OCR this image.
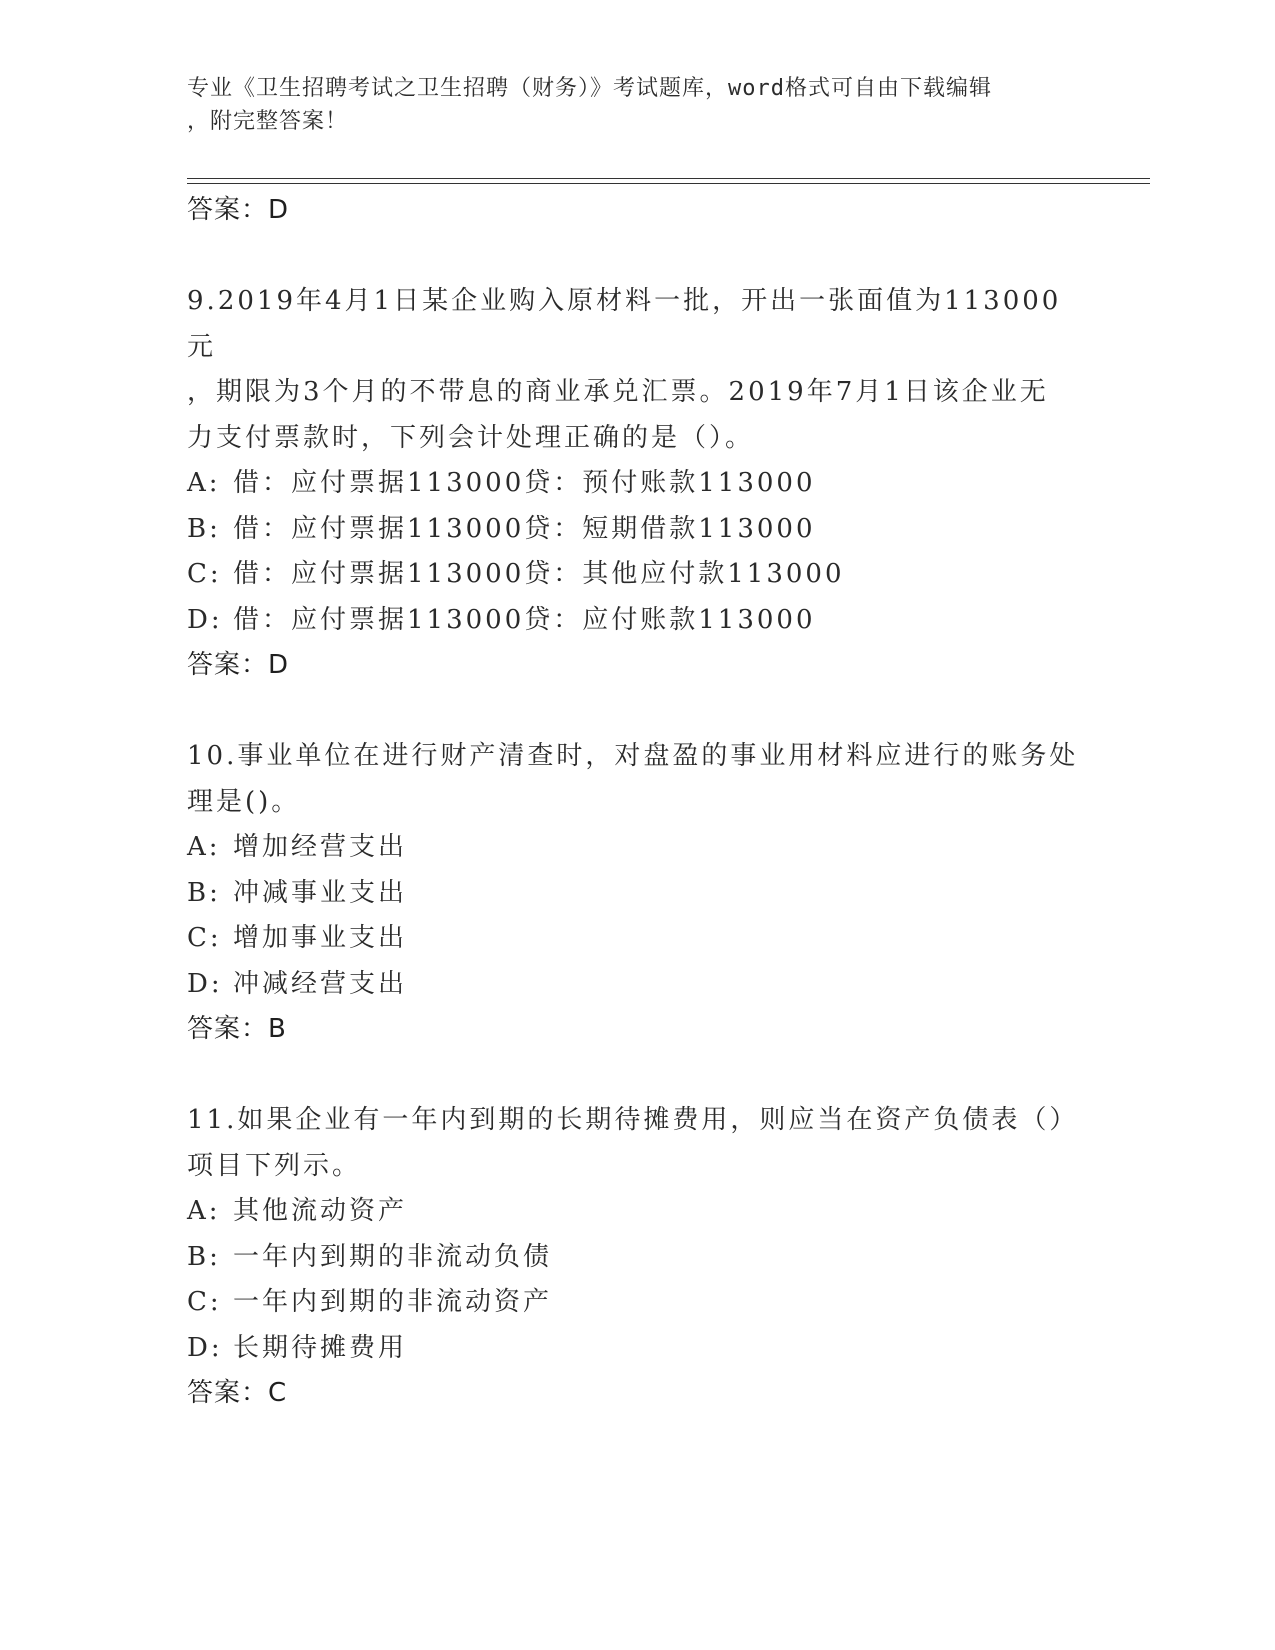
专业《卫生招聘考试之卫生招聘（财务）》考试题库，word格式可自由下载编辑
，附完整答案！
答案：D
9.2019年4月1日某企业购入原材料一批，开出一张面值为113000元
，期限为3个月的不带息的商业承兑汇票。2019年7月1日该企业无
力支付票款时，下列会计处理正确的是（）。
A: 借：应付票据113000贷：预付账款113000
B: 借：应付票据113000贷：短期借款113000
C: 借：应付票据113000贷：其他应付款113000
D: 借：应付票据113000贷：应付账款113000
答案：D
10.事业单位在进行财产清查时，对盘盈的事业用材料应进行的账务处
理是()。
A: 增加经营支出
B: 冲减事业支出
C: 增加事业支出
D: 冲减经营支出
答案：B
11.如果企业有一年内到期的长期待摊费用，则应当在资产负债表（）
项目下列示。
A: 其他流动资产
B: 一年内到期的非流动负债
C: 一年内到期的非流动资产
D: 长期待摊费用
答案：C
